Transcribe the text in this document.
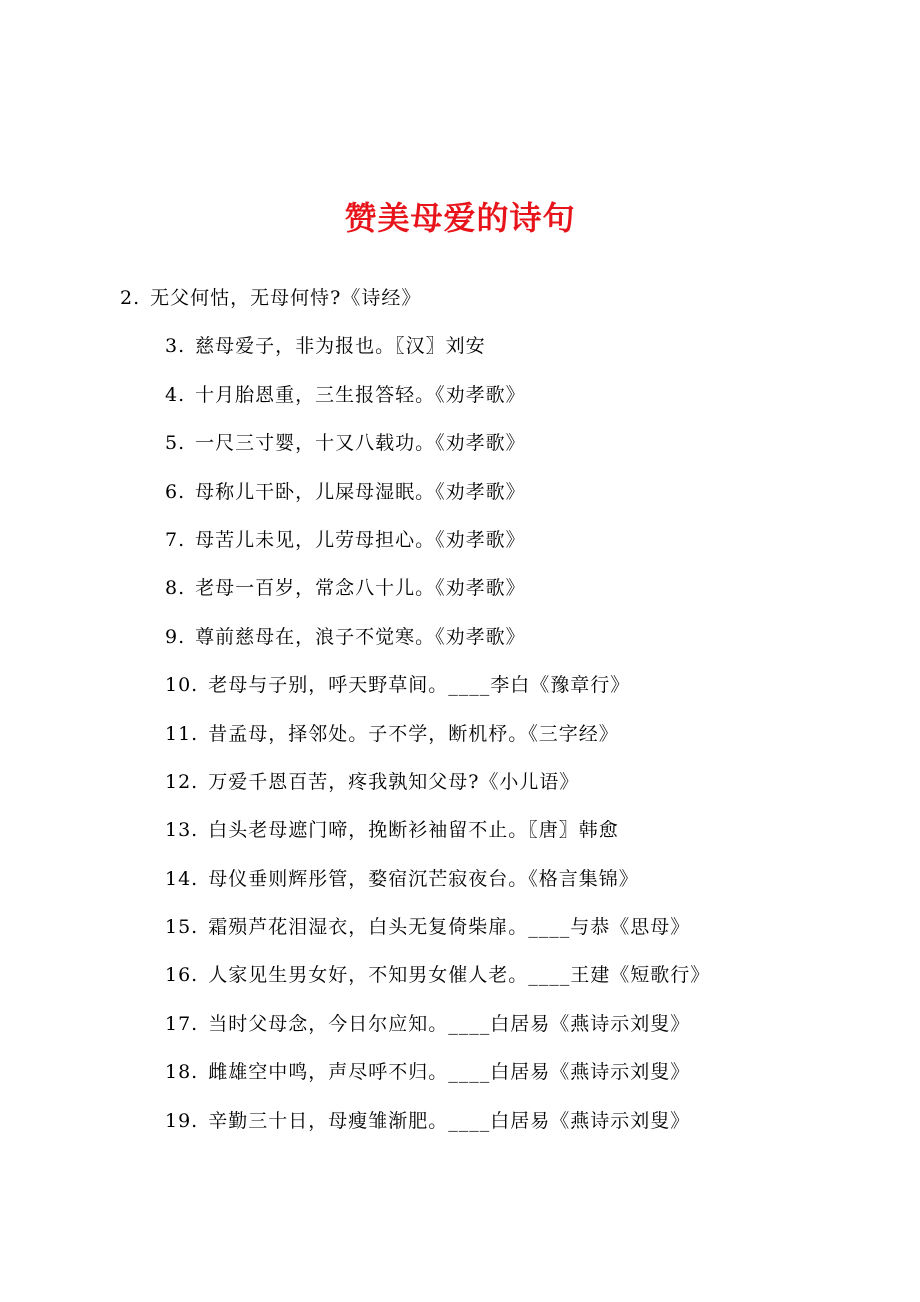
赞美母爱的诗句
2. 无父何怙，无母何恃?《诗经》
3. 慈母爱子，非为报也。〖汉〗刘安
4. 十月胎恩重，三生报答轻。《劝孝歌》
5. 一尺三寸婴，十又八载功。《劝孝歌》
6. 母称儿干卧，儿屎母湿眠。《劝孝歌》
7. 母苦儿未见，儿劳母担心。《劝孝歌》
8. 老母一百岁，常念八十儿。《劝孝歌》
9. 尊前慈母在，浪子不觉寒。《劝孝歌》
10. 老母与子别，呼天野草间。____李白《豫章行》
11. 昔孟母，择邻处。子不学，断机杼。《三字经》
12. 万爱千恩百苦，疼我孰知父母?《小儿语》
13. 白头老母遮门啼，挽断衫袖留不止。〖唐〗韩愈
14. 母仪垂则辉彤管，婺宿沉芒寂夜台。《格言集锦》
15. 霜殒芦花泪湿衣，白头无复倚柴扉。____与恭《思母》
16. 人家见生男女好，不知男女催人老。____王建《短歌行》
17. 当时父母念，今日尔应知。____白居易《燕诗示刘叟》
18. 雌雄空中鸣，声尽呼不归。____白居易《燕诗示刘叟》
19. 辛勤三十日，母瘦雏渐肥。____白居易《燕诗示刘叟》
